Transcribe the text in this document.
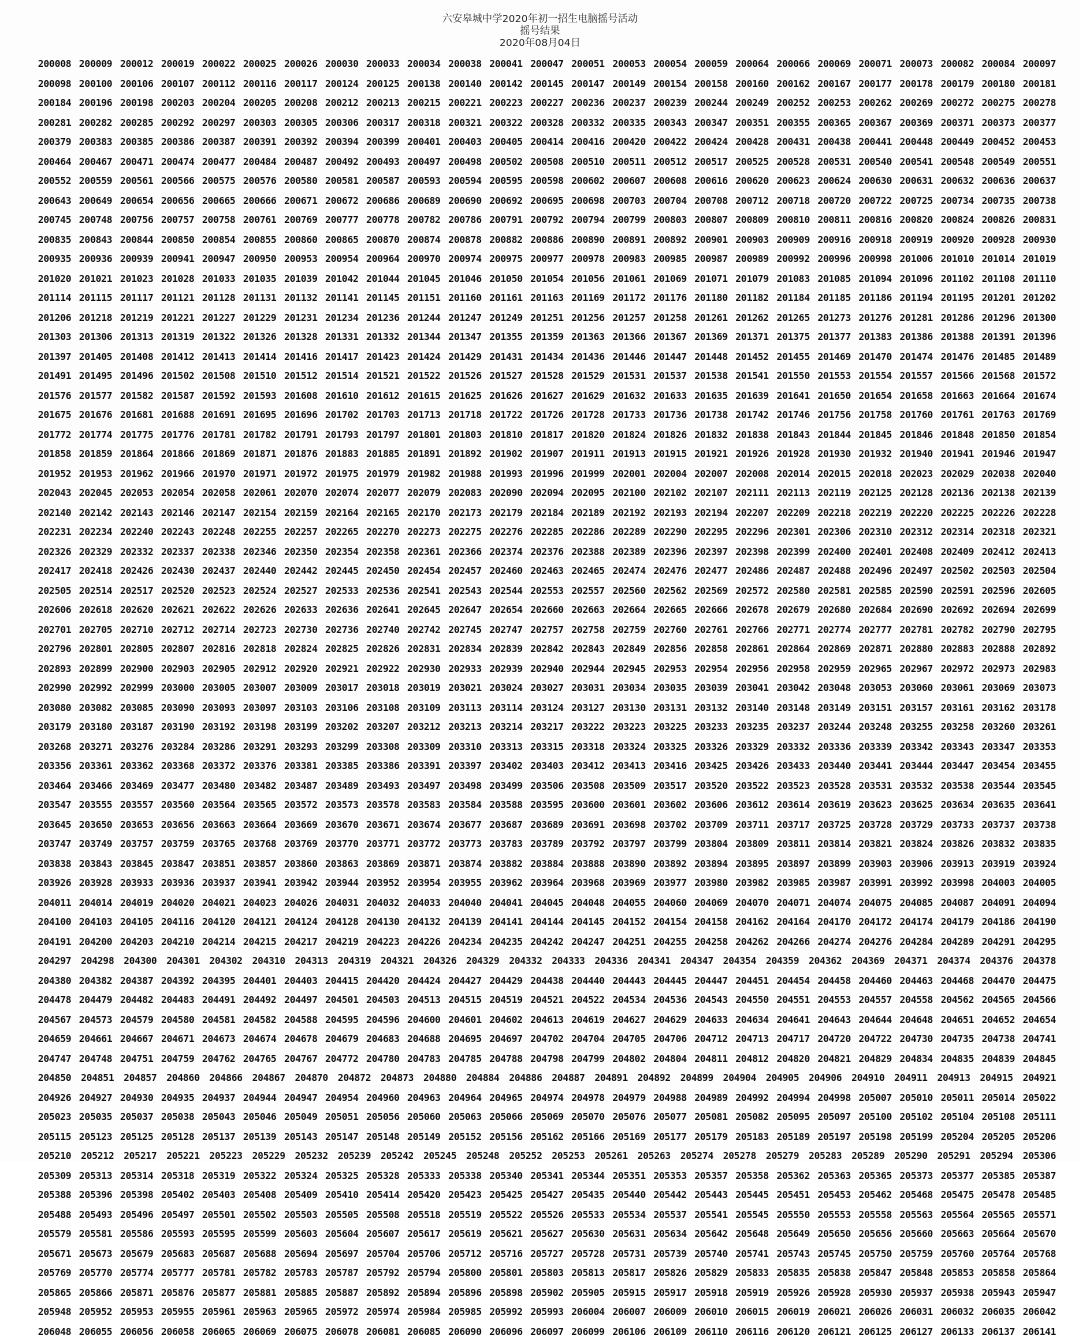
六安皋城中学2020年初一招生电脑摇号活动
摇号结果
2020年08月04日
200008 200009 200012 200019 200022 200025 200026 200030 200033 200034 200038 200041 200047 200051 200053 200054 200059 200064 200066 200069 200071 200073 200082 200084 200097
200098 200100 200106 200107 200112 200116 200117 200124 200125 200138 200140 200142 200145 200147 200149 200154 200158 200160 200162 200167 200177 200178 200179 200180 200181
200184 200196 200198 200203 200204 200205 200208 200212 200213 200215 200221 200223 200227 200236 200237 200239 200244 200249 200252 200253 200262 200269 200272 200275 200278
200281 200282 200285 200292 200297 200303 200305 200306 200317 200318 200321 200322 200328 200332 200335 200343 200347 200351 200355 200365 200367 200369 200371 200373 200377
200379 200383 200385 200386 200387 200391 200392 200394 200399 200401 200403 200405 200414 200416 200420 200422 200424 200428 200431 200438 200441 200448 200449 200452 200453
200464 200467 200471 200474 200477 200484 200487 200492 200493 200497 200498 200502 200508 200510 200511 200512 200517 200525 200528 200531 200540 200541 200548 200549 200551
200552 200559 200561 200566 200575 200576 200580 200581 200587 200593 200594 200595 200598 200602 200607 200608 200616 200620 200623 200624 200630 200631 200632 200636 200637
200643 200649 200654 200656 200665 200666 200671 200672 200686 200689 200690 200692 200695 200698 200703 200704 200708 200712 200718 200720 200722 200725 200734 200735 200738
200745 200748 200756 200757 200758 200761 200769 200777 200778 200782 200786 200791 200792 200794 200799 200803 200807 200809 200810 200811 200816 200820 200824 200826 200831
200835 200843 200844 200850 200854 200855 200860 200865 200870 200874 200878 200882 200886 200890 200891 200892 200901 200903 200909 200916 200918 200919 200920 200928 200930
200935 200936 200939 200941 200947 200950 200953 200954 200964 200970 200974 200975 200977 200978 200983 200985 200987 200989 200992 200996 200998 201006 201010 201014 201019
201020 201021 201023 201028 201033 201035 201039 201042 201044 201045 201046 201050 201054 201056 201061 201069 201071 201079 201083 201085 201094 201096 201102 201108 201110
201114 201115 201117 201121 201128 201131 201132 201141 201145 201151 201160 201161 201163 201169 201172 201176 201180 201182 201184 201185 201186 201194 201195 201201 201202
201206 201218 201219 201221 201227 201229 201231 201234 201236 201244 201247 201249 201251 201256 201257 201258 201261 201262 201265 201273 201276 201281 201286 201296 201300
201303 201306 201313 201319 201322 201326 201328 201331 201332 201344 201347 201355 201359 201363 201366 201367 201369 201371 201375 201377 201383 201386 201388 201391 201396
201397 201405 201408 201412 201413 201414 201416 201417 201423 201424 201429 201431 201434 201436 201446 201447 201448 201452 201455 201469 201470 201474 201476 201485 201489
201491 201495 201496 201502 201508 201510 201512 201514 201521 201522 201526 201527 201528 201529 201531 201537 201538 201541 201550 201553 201554 201557 201566 201568 201572
201576 201577 201582 201587 201592 201593 201608 201610 201612 201615 201625 201626 201627 201629 201632 201633 201635 201639 201641 201650 201654 201658 201663 201664 201674
201675 201676 201681 201688 201691 201695 201696 201702 201703 201713 201718 201722 201726 201728 201733 201736 201738 201742 201746 201756 201758 201760 201761 201763 201769
201772 201774 201775 201776 201781 201782 201791 201793 201797 201801 201803 201810 201817 201820 201824 201826 201832 201838 201843 201844 201845 201846 201848 201850 201854
201858 201859 201864 201866 201869 201871 201876 201883 201885 201891 201892 201902 201907 201911 201913 201915 201921 201926 201928 201930 201932 201940 201941 201946 201947
201952 201953 201962 201966 201970 201971 201972 201975 201979 201982 201988 201993 201996 201999 202001 202004 202007 202008 202014 202015 202018 202023 202029 202038 202040
202043 202045 202053 202054 202058 202061 202070 202074 202077 202079 202083 202090 202094 202095 202100 202102 202107 202111 202113 202119 202125 202128 202136 202138 202139
202140 202142 202143 202146 202147 202154 202159 202164 202165 202170 202173 202179 202184 202189 202192 202193 202194 202207 202209 202218 202219 202220 202225 202226 202228
202231 202234 202240 202243 202248 202255 202257 202265 202270 202273 202275 202276 202285 202286 202289 202290 202295 202296 202301 202306 202310 202312 202314 202318 202321
202326 202329 202332 202337 202338 202346 202350 202354 202358 202361 202366 202374 202376 202388 202389 202396 202397 202398 202399 202400 202401 202408 202409 202412 202413
202417 202418 202426 202430 202437 202440 202442 202445 202450 202454 202457 202460 202463 202465 202474 202476 202477 202486 202487 202488 202496 202497 202502 202503 202504
202505 202514 202517 202520 202523 202524 202527 202533 202536 202541 202543 202544 202553 202557 202560 202562 202569 202572 202580 202581 202585 202590 202591 202596 202605
202606 202618 202620 202621 202622 202626 202633 202636 202641 202645 202647 202654 202660 202663 202664 202665 202666 202678 202679 202680 202684 202690 202692 202694 202699
202701 202705 202710 202712 202714 202723 202730 202736 202740 202742 202745 202747 202757 202758 202759 202760 202761 202766 202771 202774 202777 202781 202782 202790 202795
202796 202801 202805 202807 202816 202818 202824 202825 202826 202831 202834 202839 202842 202843 202849 202856 202858 202861 202864 202869 202871 202880 202883 202888 202892
202893 202899 202900 202903 202905 202912 202920 202921 202922 202930 202933 202939 202940 202944 202945 202953 202954 202956 202958 202959 202965 202967 202972 202973 202983
202990 202992 202999 203000 203005 203007 203009 203017 203018 203019 203021 203024 203027 203031 203034 203035 203039 203041 203042 203048 203053 203060 203061 203069 203073
203080 203082 203085 203090 203093 203097 203103 203106 203108 203109 203113 203114 203124 203127 203130 203131 203132 203140 203148 203149 203151 203157 203161 203162 203178
203179 203180 203187 203190 203192 203198 203199 203202 203207 203212 203213 203214 203217 203222 203223 203225 203233 203235 203237 203244 203248 203255 203258 203260 203261
203268 203271 203276 203284 203286 203291 203293 203299 203308 203309 203310 203313 203315 203318 203324 203325 203326 203329 203332 203336 203339 203342 203343 203347 203353
203356 203361 203362 203368 203372 203376 203381 203385 203386 203391 203397 203402 203403 203412 203413 203416 203425 203426 203433 203440 203441 203444 203447 203454 203455
203464 203466 203469 203477 203480 203482 203487 203489 203493 203497 203498 203499 203506 203508 203509 203517 203520 203522 203523 203528 203531 203532 203538 203544 203545
203547 203555 203557 203560 203564 203565 203572 203573 203578 203583 203584 203588 203595 203600 203601 203602 203606 203612 203614 203619 203623 203625 203634 203635 203641
203645 203650 203653 203656 203663 203664 203669 203670 203671 203674 203677 203687 203689 203691 203698 203702 203709 203711 203717 203725 203728 203729 203733 203737 203738
203747 203749 203757 203759 203765 203768 203769 203770 203771 203772 203773 203783 203789 203792 203797 203799 203804 203809 203811 203814 203821 203824 203826 203832 203835
203838 203843 203845 203847 203851 203857 203860 203863 203869 203871 203874 203882 203884 203888 203890 203892 203894 203895 203897 203899 203903 203906 203913 203919 203924
203926 203928 203933 203936 203937 203941 203942 203944 203952 203954 203955 203962 203964 203968 203969 203977 203980 203982 203985 203987 203991 203992 203998 204003 204005
204011 204014 204019 204020 204021 204023 204026 204031 204032 204033 204040 204041 204045 204048 204055 204060 204069 204070 204071 204074 204075 204085 204087 204091 204094
204100 204103 204105 204116 204120 204121 204124 204128 204130 204132 204139 204141 204144 204145 204152 204154 204158 204162 204164 204170 204172 204174 204179 204186 204190
204191 204200 204203 204210 204214 204215 204217 204219 204223 204226 204234 204235 204242 204247 204251 204255 204258 204262 204266 204274 204276 204284 204289 204291 204295
204297 204298 204300 204301 204302 204310 204313 204319 204321 204326 204329 204332 204333 204336 204341 204347 204354 204359 204362 204369 204371 204374 204376 204378
204380 204382 204387 204392 204395 204401 204403 204415 204420 204424 204427 204429 204438 204440 204443 204445 204447 204451 204454 204458 204460 204463 204468 204470 204475
204478 204479 204482 204483 204491 204492 204497 204501 204503 204513 204515 204519 204521 204522 204534 204536 204543 204550 204551 204553 204557 204558 204562 204565 204566
204567 204573 204579 204580 204581 204582 204588 204595 204596 204600 204601 204602 204613 204619 204627 204629 204633 204634 204641 204643 204644 204648 204651 204652 204654
204659 204661 204667 204671 204673 204674 204678 204679 204683 204688 204695 204697 204702 204704 204705 204706 204712 204713 204717 204720 204722 204730 204735 204738 204741
204747 204748 204751 204759 204762 204765 204767 204772 204780 204783 204785 204788 204798 204799 204802 204804 204811 204812 204820 204821 204829 204834 204835 204839 204845
204850 204851 204857 204860 204866 204867 204870 204872 204873 204880 204884 204886 204887 204891 204892 204899 204904 204905 204906 204910 204911 204913 204915 204921
204926 204927 204930 204935 204937 204944 204947 204954 204960 204963 204964 204965 204974 204978 204979 204988 204989 204992 204994 204998 205007 205010 205011 205014 205022
205023 205035 205037 205038 205043 205046 205049 205051 205056 205060 205063 205066 205069 205070 205076 205077 205081 205082 205095 205097 205100 205102 205104 205108 205111
205115 205123 205125 205128 205137 205139 205143 205147 205148 205149 205152 205156 205162 205166 205169 205177 205179 205183 205189 205197 205198 205199 205204 205205 205206
205210 205212 205217 205221 205223 205229 205232 205239 205242 205245 205248 205252 205253 205261 205263 205274 205278 205279 205283 205289 205290 205291 205294 205306
205309 205313 205314 205318 205319 205322 205324 205325 205328 205333 205338 205340 205341 205344 205351 205353 205357 205358 205362 205363 205365 205373 205377 205385 205387
205388 205396 205398 205402 205403 205408 205409 205410 205414 205420 205423 205425 205427 205435 205440 205442 205443 205445 205451 205453 205462 205468 205475 205478 205485
205488 205493 205496 205497 205501 205502 205503 205505 205508 205518 205519 205522 205526 205533 205534 205537 205541 205545 205550 205553 205558 205563 205564 205565 205571
205579 205581 205586 205593 205595 205599 205603 205604 205607 205617 205619 205621 205627 205630 205631 205634 205642 205648 205649 205650 205656 205660 205663 205664 205670
205671 205673 205679 205683 205687 205688 205694 205697 205704 205706 205712 205716 205727 205728 205731 205739 205740 205741 205743 205745 205750 205759 205760 205764 205768
205769 205770 205774 205777 205781 205782 205783 205787 205792 205794 205800 205801 205803 205813 205817 205826 205829 205833 205835 205838 205847 205848 205853 205858 205864
205865 205866 205871 205876 205877 205881 205885 205887 205892 205894 205896 205898 205902 205905 205915 205917 205918 205919 205926 205928 205930 205937 205938 205943 205947
205948 205952 205953 205955 205961 205963 205965 205972 205974 205984 205985 205992 205993 206004 206007 206009 206010 206015 206019 206021 206026 206031 206032 206035 206042
206048 206055 206056 206058 206065 206069 206075 206078 206081 206085 206090 206096 206097 206099 206106 206109 206110 206116 206120 206121 206125 206127 206133 206137 206141
